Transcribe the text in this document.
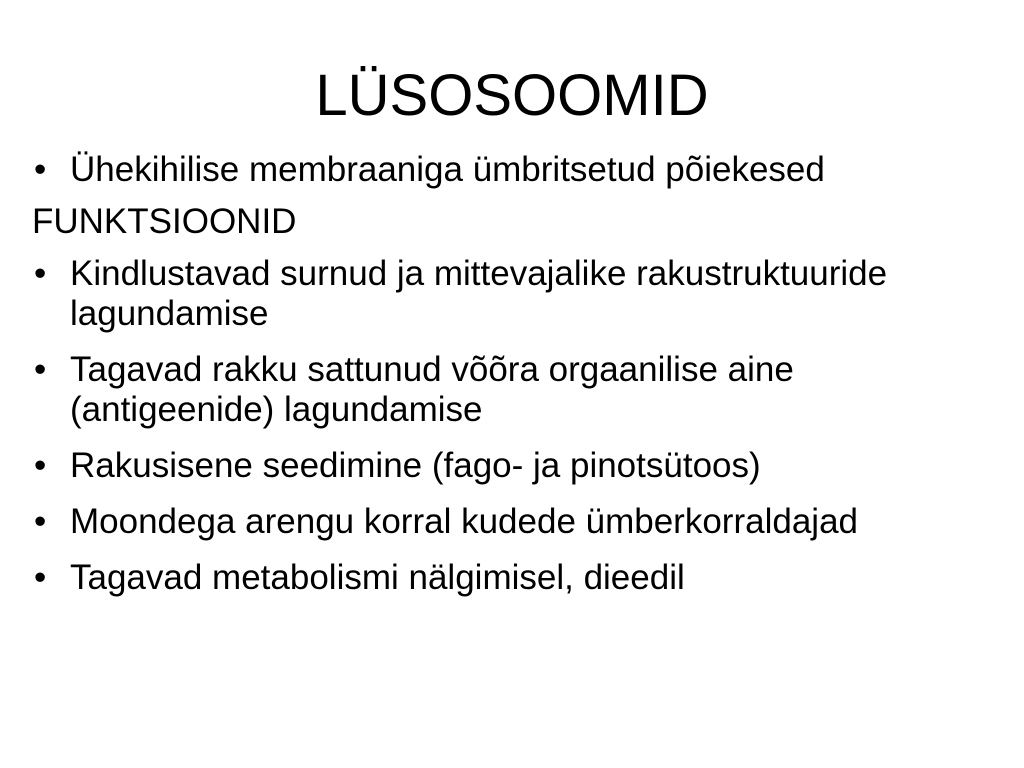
LÜSOSOOMID
• Ühekihilise membraaniga ümbritsetud põiekesed
FUNKTSIOONID
• Kindlustavad surnud ja mittevajalike rakustruktuuride lagundamise
• Tagavad rakku sattunud võõra orgaanilise aine (antigeenide) lagundamise
• Rakusisene seedimine (fago- ja pinotsütoos)
• Moondega arengu korral kudede ümberkorraldajad
• Tagavad metabolismi nälgimisel, dieedil
